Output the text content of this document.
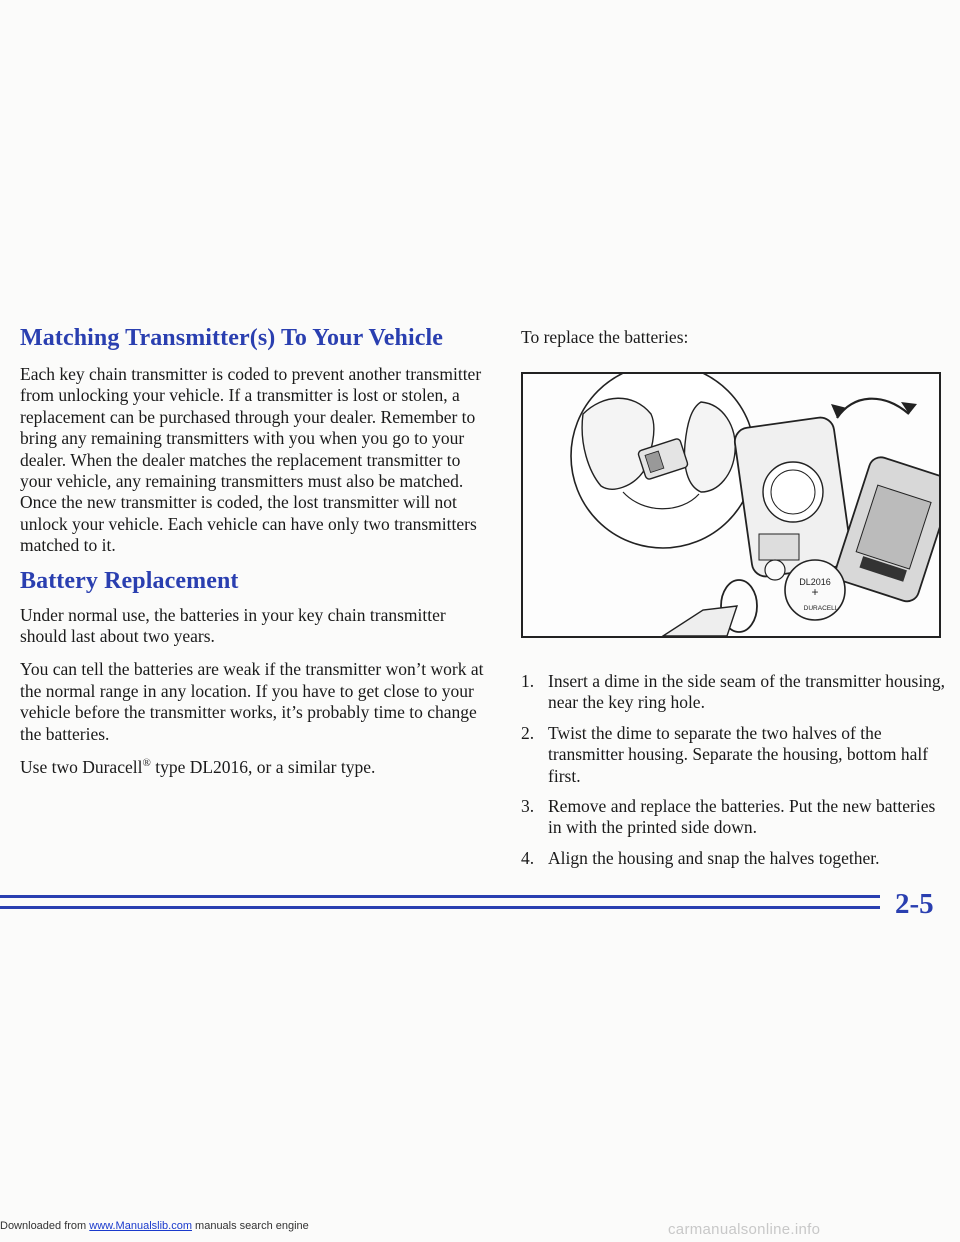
Matching Transmitter(s) To Your Vehicle

Each key chain transmitter is coded to prevent another transmitter from unlocking your vehicle. If a transmitter is lost or stolen, a replacement can be purchased through your dealer. Remember to bring any remaining transmitters with you when you go to your dealer. When the dealer matches the replacement transmitter to your vehicle, any remaining transmitters must also be matched. Once the new transmitter is coded, the lost transmitter will not unlock your vehicle. Each vehicle can have only two transmitters matched to it.

Battery Replacement

Under normal use, the batteries in your key chain transmitter should last about two years.

You can tell the batteries are weak if the transmitter won’t work at the normal range in any location. If you have to get close to your vehicle before the transmitter works, it’s probably time to change the batteries.

Use two Duracell® type DL2016, or a similar type.

To replace the batteries:

DL2016
+
DURACELL
1. Insert a dime in the side seam of the transmitter housing, near the key ring hole.
2. Twist the dime to separate the two halves of the transmitter housing. Separate the housing, bottom half first.
3. Remove and replace the batteries. Put the new batteries in with the printed side down.
4. Align the housing and snap the halves together.
2-5
Downloaded from www.Manualslib.com manuals search engine	carmanualsonline.info
